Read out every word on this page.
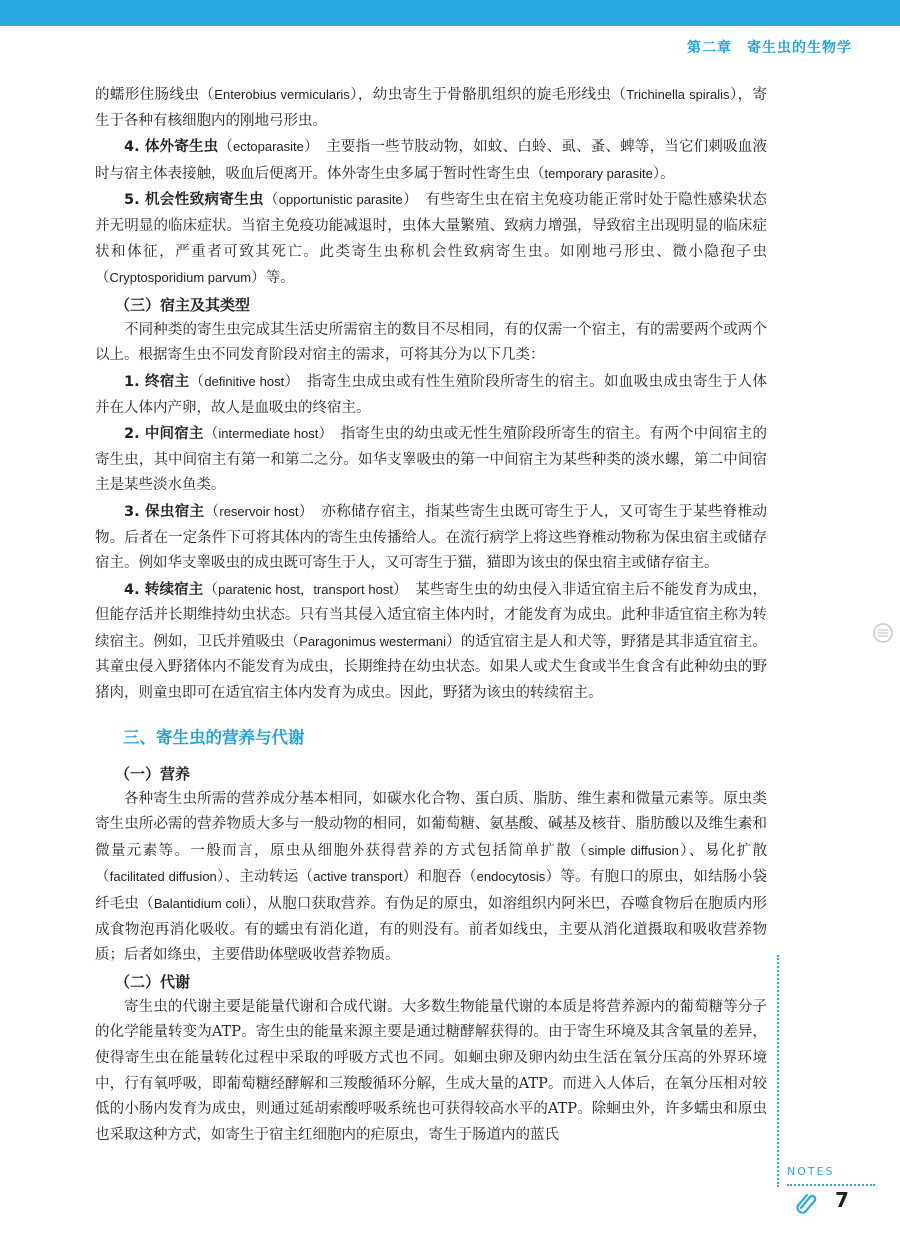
第二章　寄生虫的生物学

的蠕形住肠线虫（Enterobius vermicularis），幼虫寄生于骨骼肌组织的旋毛形线虫（Trichinella spiralis），寄生于各种有核细胞内的刚地弓形虫。

4. 体外寄生虫（ectoparasite）　主要指一些节肢动物，如蚊、白蛉、虱、蚤、蜱等，当它们刺吸血液时与宿主体表接触，吸血后便离开。体外寄生虫多属于暂时性寄生虫（temporary parasite）。

5. 机会性致病寄生虫（opportunistic parasite）　有些寄生虫在宿主免疫功能正常时处于隐性感染状态并无明显的临床症状。当宿主免疫功能减退时，虫体大量繁殖、致病力增强，导致宿主出现明显的临床症状和体征，严重者可致其死亡。此类寄生虫称机会性致病寄生虫。如刚地弓形虫、微小隐孢子虫（Cryptosporidium parvum）等。

（三）宿主及其类型

不同种类的寄生虫完成其生活史所需宿主的数目不尽相同，有的仅需一个宿主，有的需要两个或两个以上。根据寄生虫不同发育阶段对宿主的需求，可将其分为以下几类：

1. 终宿主（definitive host）　指寄生虫成虫或有性生殖阶段所寄生的宿主。如血吸虫成虫寄生于人体并在人体内产卵，故人是血吸虫的终宿主。

2. 中间宿主（intermediate host）　指寄生虫的幼虫或无性生殖阶段所寄生的宿主。有两个中间宿主的寄生虫，其中间宿主有第一和第二之分。如华支睾吸虫的第一中间宿主为某些种类的淡水螺，第二中间宿主是某些淡水鱼类。

3. 保虫宿主（reservoir host）　亦称储存宿主，指某些寄生虫既可寄生于人，又可寄生于某些脊椎动物。后者在一定条件下可将其体内的寄生虫传播给人。在流行病学上将这些脊椎动物称为保虫宿主或储存宿主。例如华支睾吸虫的成虫既可寄生于人，又可寄生于猫，猫即为该虫的保虫宿主或储存宿主。

4. 转续宿主（paratenic host，transport host）　某些寄生虫的幼虫侵入非适宜宿主后不能发育为成虫，但能存活并长期维持幼虫状态。只有当其侵入适宜宿主体内时，才能发育为成虫。此种非适宜宿主称为转续宿主。例如，卫氏并殖吸虫（Paragonimus westermani）的适宜宿主是人和犬等，野猪是其非适宜宿主。其童虫侵入野猪体内不能发育为成虫，长期维持在幼虫状态。如果人或犬生食或半生食含有此种幼虫的野猪肉，则童虫即可在适宜宿主体内发育为成虫。因此，野猪为该虫的转续宿主。

三、寄生虫的营养与代谢
（一）营养

各种寄生虫所需的营养成分基本相同，如碳水化合物、蛋白质、脂肪、维生素和微量元素等。原虫类寄生虫所必需的营养物质大多与一般动物的相同，如葡萄糖、氨基酸、碱基及核苷、脂肪酸以及维生素和微量元素等。一般而言，原虫从细胞外获得营养的方式包括简单扩散（simple diffusion）、易化扩散（facilitated diffusion）、主动转运（active transport）和胞吞（endocytosis）等。有胞口的原虫，如结肠小袋纤毛虫（Balantidium coli），从胞口获取营养。有伪足的原虫，如溶组织内阿米巴，吞噬食物后在胞质内形成食物泡再消化吸收。有的蠕虫有消化道，有的则没有。前者如线虫，主要从消化道摄取和吸收营养物质；后者如绦虫，主要借助体壁吸收营养物质。

（二）代谢

寄生虫的代谢主要是能量代谢和合成代谢。大多数生物能量代谢的本质是将营养源内的葡萄糖等分子的化学能量转变为ATP。寄生虫的能量来源主要是通过糖酵解获得的。由于寄生环境及其含氧量的差异，使得寄生虫在能量转化过程中采取的呼吸方式也不同。如蛔虫卵及卵内幼虫生活在氧分压高的外界环境中，行有氧呼吸，即葡萄糖经酵解和三羧酸循环分解，生成大量的ATP。而进入人体后，在氧分压相对较低的小肠内发育为成虫，则通过延胡索酸呼吸系统也可获得较高水平的ATP。除蛔虫外，许多蠕虫和原虫也采取这种方式，如寄生于宿主红细胞内的疟原虫，寄生于肠道内的蓝氏

NOTES
7
